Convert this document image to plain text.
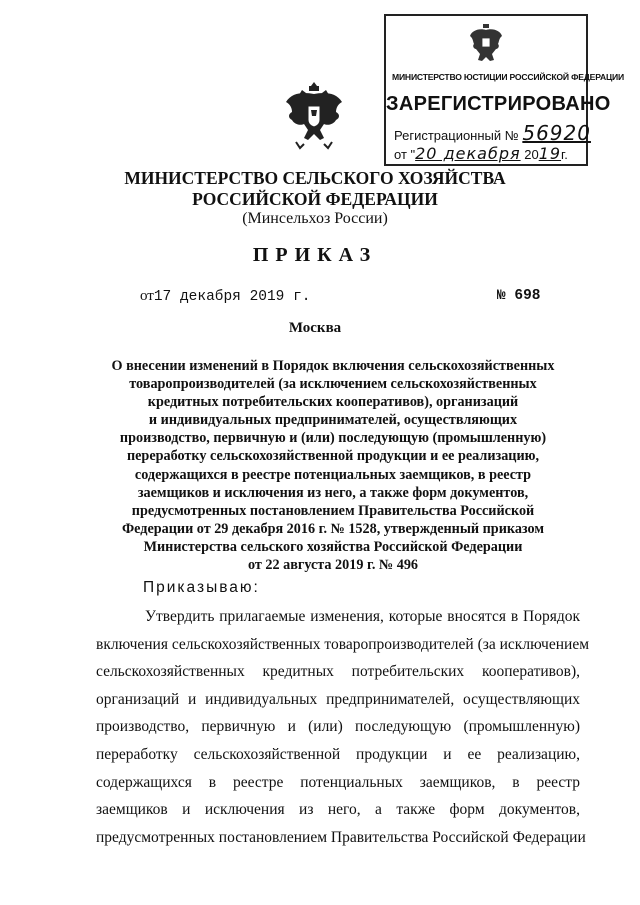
МИНИСТЕРСТВО ЮСТИЦИИ РОССИЙСКОЙ ФЕДЕРАЦИИ
ЗАРЕГИСТРИРОВАНО
Регистрационный № 56920
от "20 декабря 2019г.
МИНИСТЕРСТВО СЕЛЬСКОГО ХОЗЯЙСТВА
РОССИЙСКОЙ ФЕДЕРАЦИИ
(Минсельхоз России)
ПРИКАЗ
от17 декабря 2019 г.	№ 698
Москва
О внесении изменений в Порядок включения сельскохозяйственных
товаропроизводителей (за исключением сельскохозяйственных
кредитных потребительских кооперативов), организаций
и индивидуальных предпринимателей, осуществляющих
производство, первичную и (или) последующую (промышленную)
переработку сельскохозяйственной продукции и ее реализацию,
содержащихся в реестре потенциальных заемщиков, в реестр
заемщиков и исключения из него, а также форм документов,
предусмотренных постановлением Правительства Российской
Федерации от 29 декабря 2016 г. № 1528, утвержденный приказом
Министерства сельского хозяйства Российской Федерации
от 22 августа 2019 г. № 496
Приказываю:
Утвердить прилагаемые изменения, которые вносятся в Порядок
включения сельскохозяйственных товаропроизводителей (за исключением
сельскохозяйственных кредитных потребительских кооперативов),
организаций и индивидуальных предпринимателей, осуществляющих
производство, первичную и (или) последующую (промышленную)
переработку сельскохозяйственной продукции и ее реализацию,
содержащихся в реестре потенциальных заемщиков, в реестр
заемщиков и исключения из него, а также форм документов,
предусмотренных постановлением Правительства Российской Федерации
